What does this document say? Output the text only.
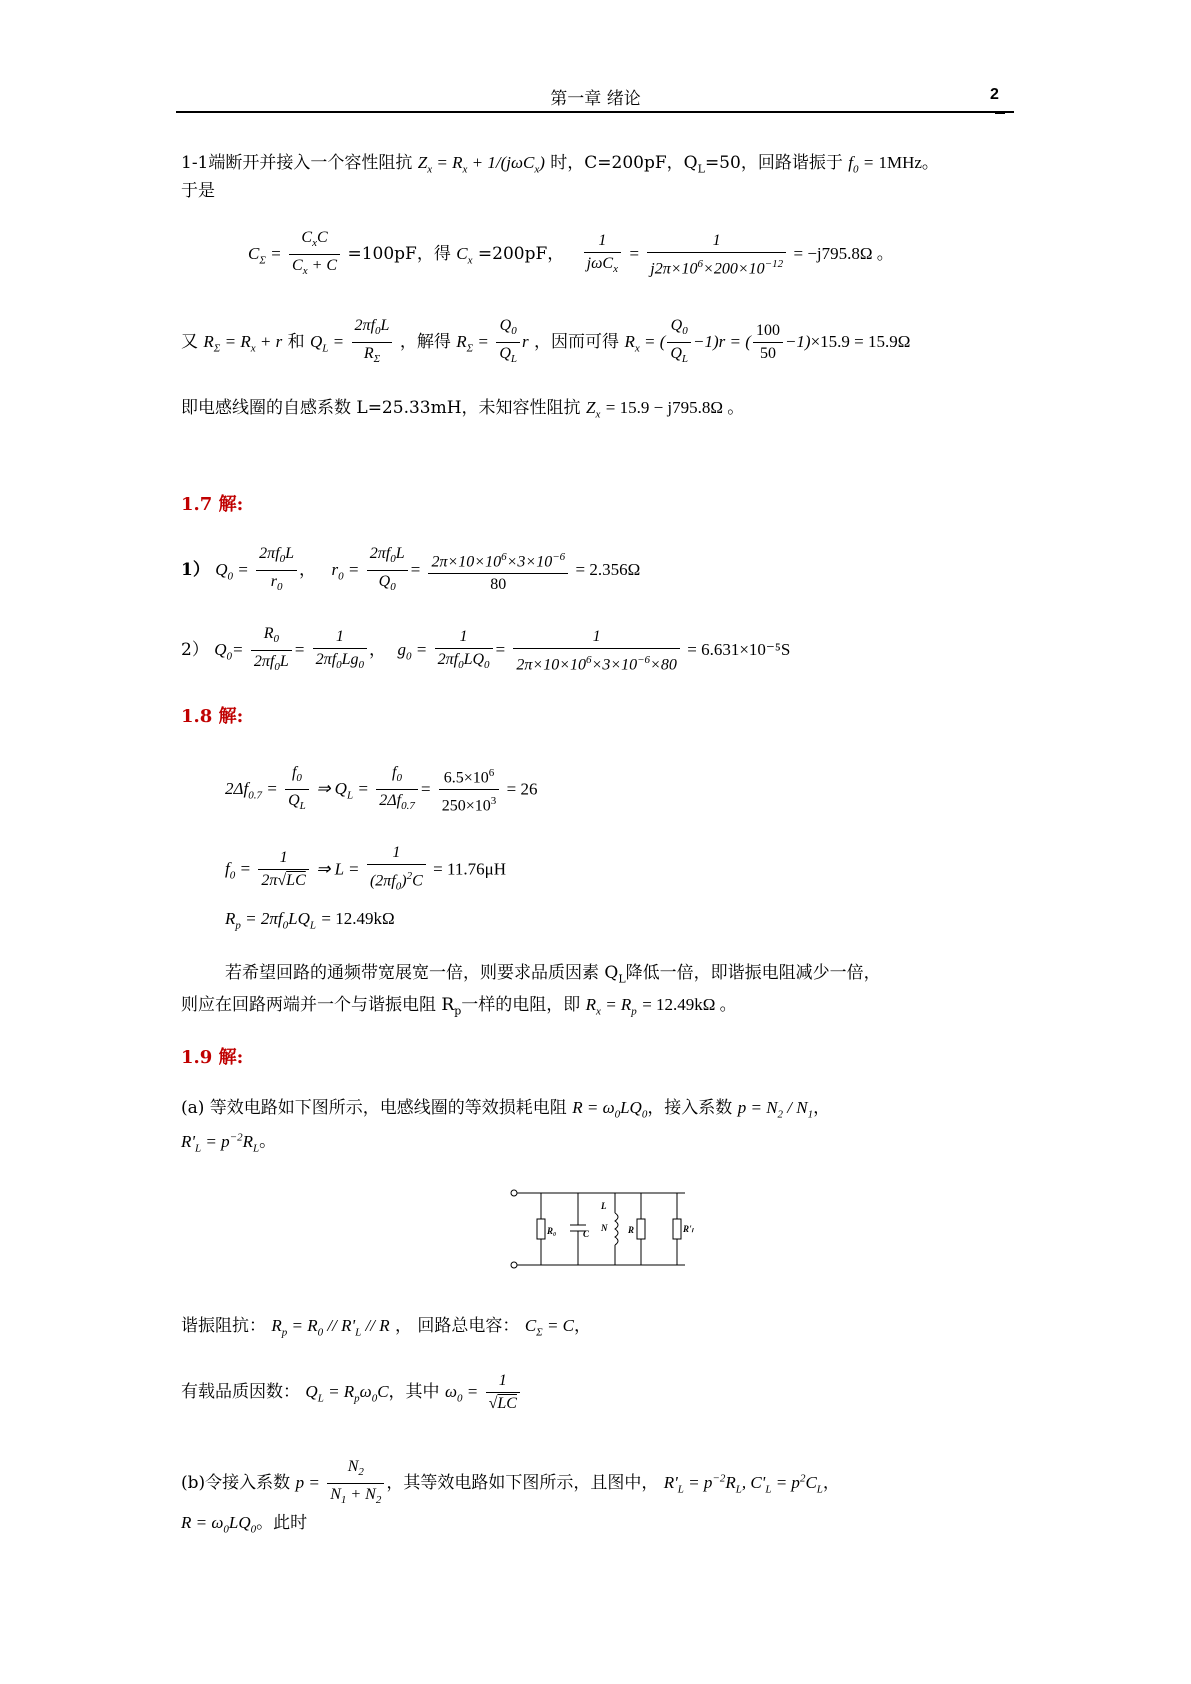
第一章 绪论	2
1-1端断开并接入一个容性阻抗 $Z_x = R_x + 1/(j\omega C_x)$ 时，C=200pF，$Q_L=50$，回路谐振于 $f_0 = 1MHz$。
于是
$C_\Sigma = \frac{C_xC}{C_x + C} =100pF$，得 $C_x =200pF$， $\frac{1}{j\omega C_x} = \frac{1}{j2\pi\times 10^6\times 200\times 10^{-12}} = -j795.8\Omega$ 。
又 $R_\Sigma = R_x + r$ 和 $Q_L = \frac{2\pi f_0L}{R_\Sigma}$ ，解得 $R_\Sigma = \frac{Q_0}{Q_L}$ r ，因而可得 $R_x$ = ( $\frac{Q_0}{Q_L} -1)r$ = ( $\frac{100}{50} -1)\times 15.9 = 15.9\Omega$
即电感线圈的自感系数 L=25.33mH，未知容性阻抗 $Z_x = 15.9 - j795.8\Omega$ 。
1.7 解:
1） $Q_0 = \frac{2\pi f_0L}{r_0}$ ， $r_0 = \frac{2\pi f_0L}{Q_0} = \frac{2\pi\times 10\times 10^6\times 3\times 10^{-6}}{80} = 2.356\Omega$
2） $Q_0= \frac{R_0}{2\pi f_0L} = \frac{1}{2\pi f_0Lg_0}$ ， $g_0 = \frac{1}{2\pi f_0LQ_0} = \frac{1}{2\pi\times 10\times 10^6\times 3\times 10^{-6}\times 80} = 6.631\times 10^{-5}S$
1.8 解:
$2\Delta f_{0.7} = \frac{f_0}{Q_L}$ ⇒ $Q_L = \frac{f_0}{2\Delta f_{0.7}} = \frac{6.5\times 10^6}{250\times 10^3} = 26$
$f_0 = \frac{1}{2\pi√LC}$ ⇒ $L = \frac{1}{(2\pi f_0)^2C} = 11.76\mu H$
$R_p = 2\pi f_0LQ_L = 12.49k\Omega$
若希望回路的通频带宽展宽一倍，则要求品质因素 $Q_L$降低一倍，即谐振电阻减少一倍，
则应在回路两端并一个与谐振电阻 $R_p$一样的电阻，即 $R_x = R_p = 12.49k\Omega$ 。
1.9 解:
(a) 等效电路如下图所示，电感线圈的等效损耗电阻 $R = \omega_0LQ_0$，接入系数 $p = N_2 / N_1$，
$R'_L = p^{-2}R_L$。
R₀	C
L
N R	R'ₗ
谐振阻抗： $R_p = R_0 // R'_L // R$ ， 回路总电容： $C_\Sigma = C$，
有载品质因数： $Q_L = R_p\omega_0C$，其中 $\omega_0 = \frac{1}{√LC}$
(b)令接入系数 $p = \frac{N_2}{N_1 + N_2}$ ，其等效电路如下图所示，且图中， $R'_L = p^{-2}R_L$, $C'_L = p^2C_L$，
$R = \omega_0LQ_0$。此时
